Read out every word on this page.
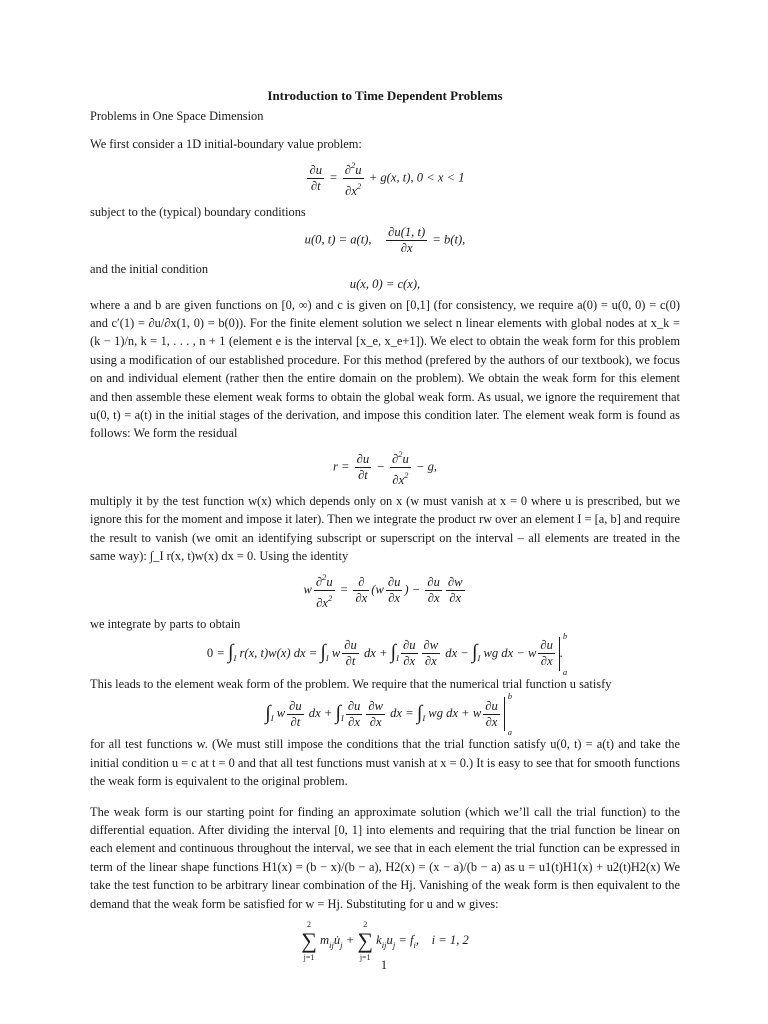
Introduction to Time Dependent Problems

Problems in One Space Dimension

We first consider a 1D initial-boundary value problem:

$\frac{\partial u}{\partial t} = \frac{\partial^2u}{\partial x^2} + g(x$, t), 0 < x < 1

subject to the (typical) boundary conditions

u(0, t) = a(t), $\frac{\partial u(1, t)}{\partial x} = b(t)$,

and the initial condition

u(x, 0) = c(x),

where a and b are given functions on [0, ∞) and c is given on [0,1] (for consistency, we require a(0) = u(0, 0) = c(0) and c′(1) = ∂u/∂x(1, 0) = b(0)). For the finite element solution we select n linear elements with global nodes at x_k = (k − 1)/n, k = 1, . . . , n + 1 (element e is the interval [x_e, x_e+1]). We elect to obtain the weak form for this problem using a modification of our established procedure. For this method (prefered by the authors of our textbook), we focus on and individual element (rather then the entire domain on the problem). We obtain the weak form for this element and then assemble these element weak forms to obtain the global weak form. As usual, we ignore the requirement that u(0, t) = a(t) in the initial stages of the derivation, and impose this condition later. The element weak form is found as follows: We form the residual

$r = \frac{\partial u}{\partial t} - \frac{\partial^2u}{\partial x^2} - g$,

multiply it by the test function w(x) which depends only on x (w must vanish at x = 0 where u is prescribed, but we ignore this for the moment and impose it later). Then we integrate the product rw over an element I = [a, b] and require the result to vanish (we omit an identifying subscript or superscript on the interval – all elements are treated in the same way): ∫_I r(x, t)w(x) dx = 0. Using the identity

w $\frac{\partial^2u}{\partial x^2} = \frac{\partial}{\partial x} (w \frac{\partial u}{\partial x}$ ) − $\frac{\partial u}{\partial x} \frac{\partial w}{\partial x}$

we integrate by parts to obtain

$0 = \int_I$ r(x, t)w(x) dx = $\int_I$ w $\frac{\partial u}{\partial t}$ dx + $\int_I \frac{\partial u}{\partial x} \frac{\partial w}{\partial x}$ dx − $\int_I$ wg dx − w $\frac{\partial u}{\partial x}$
b
a
.

This leads to the element weak form of the problem. We require that the numerical trial function u satisfy

$\int_I$ w $\frac{\partial u}{\partial t}$ dx + $\int_I \frac{\partial u}{\partial x} \frac{\partial w}{\partial x}$ dx = $\int_I$ wg dx + w $\frac{\partial u}{\partial x}$
b
a

for all test functions w. (We must still impose the conditions that the trial function satisfy u(0, t) = a(t) and take the initial condition u = c at t = 0 and that all test functions must vanish at x = 0.) It is easy to see that for smooth functions the weak form is equivalent to the original problem.

The weak form is our starting point for finding an approximate solution (which we’ll call the trial function) to the differential equation. After dividing the interval [0, 1] into elements and requiring that the trial function be linear on each element and continuous throughout the interval, we see that in each element the trial function can be expressed in term of the linear shape functions H1(x) = (b − x)/(b − a), H2(x) = (x − a)/(b − a) as u = u1(t)H1(x) + u2(t)H2(x) We take the test function to be arbitrary linear combination of the Hj. Vanishing of the weak form is then equivalent to the demand that the weak form be satisfied for w = Hj. Substituting for u and w gives:

2
∑
j=1
$m_{ij}u̇_j$ +
2
∑
j=1
$k_{ij}u_j = f_i$,    i = 1, 2
1
